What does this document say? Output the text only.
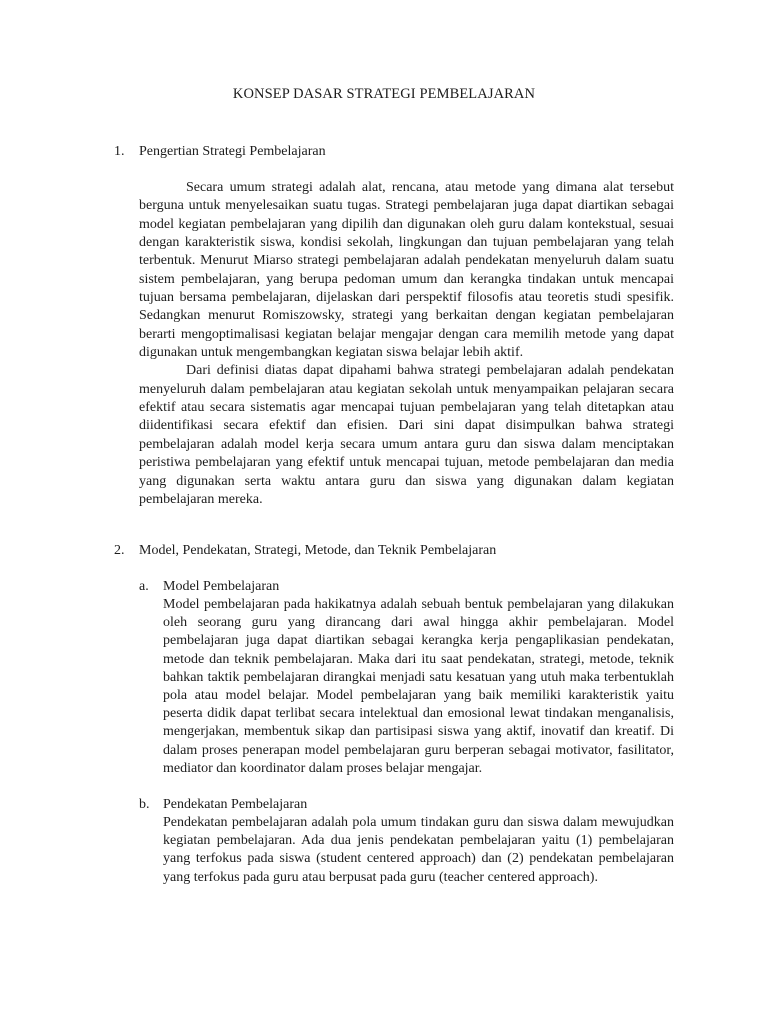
KONSEP DASAR STRATEGI PEMBELAJARAN
1. Pengertian Strategi Pembelajaran

Secara umum strategi adalah alat, rencana, atau metode yang dimana alat tersebut berguna untuk menyelesaikan suatu tugas. Strategi pembelajaran juga dapat diartikan sebagai model kegiatan pembelajaran yang dipilih dan digunakan oleh guru dalam kontekstual, sesuai dengan karakteristik siswa, kondisi sekolah, lingkungan dan tujuan pembelajaran yang telah terbentuk. Menurut Miarso strategi pembelajaran adalah pendekatan menyeluruh dalam suatu sistem pembelajaran, yang berupa pedoman umum dan kerangka tindakan untuk mencapai tujuan bersama pembelajaran, dijelaskan dari perspektif filosofis atau teoretis studi spesifik. Sedangkan menurut Romiszowsky, strategi yang berkaitan dengan kegiatan pembelajaran berarti mengoptimalisasi kegiatan belajar mengajar dengan cara memilih metode yang dapat digunakan untuk mengembangkan kegiatan siswa belajar lebih aktif.

Dari definisi diatas dapat dipahami bahwa strategi pembelajaran adalah pendekatan menyeluruh dalam pembelajaran atau kegiatan sekolah untuk menyampaikan pelajaran secara efektif atau secara sistematis agar mencapai tujuan pembelajaran yang telah ditetapkan atau diidentifikasi secara efektif dan efisien. Dari sini dapat disimpulkan bahwa strategi pembelajaran adalah model kerja secara umum antara guru dan siswa dalam menciptakan peristiwa pembelajaran yang efektif untuk mencapai tujuan, metode pembelajaran dan media yang digunakan serta waktu antara guru dan siswa yang digunakan dalam kegiatan pembelajaran mereka.

2. Model, Pendekatan, Strategi, Metode, dan Teknik Pembelajaran
a. Model Pembelajaran

Model pembelajaran pada hakikatnya adalah sebuah bentuk pembelajaran yang dilakukan oleh seorang guru yang dirancang dari awal hingga akhir pembelajaran. Model pembelajaran juga dapat diartikan sebagai kerangka kerja pengaplikasian pendekatan, metode dan teknik pembelajaran. Maka dari itu saat pendekatan, strategi, metode, teknik bahkan taktik pembelajaran dirangkai menjadi satu kesatuan yang utuh maka terbentuklah pola atau model belajar. Model pembelajaran yang baik memiliki karakteristik yaitu peserta didik dapat terlibat secara intelektual dan emosional lewat tindakan menganalisis, mengerjakan, membentuk sikap dan partisipasi siswa yang aktif, inovatif dan kreatif. Di dalam proses penerapan model pembelajaran guru berperan sebagai motivator, fasilitator, mediator dan koordinator dalam proses belajar mengajar.

b. Pendekatan Pembelajaran

Pendekatan pembelajaran adalah pola umum tindakan guru dan siswa dalam mewujudkan kegiatan pembelajaran. Ada dua jenis pendekatan pembelajaran yaitu (1) pembelajaran yang terfokus pada siswa (student centered approach) dan (2) pendekatan pembelajaran yang terfokus pada guru atau berpusat pada guru (teacher centered approach).
